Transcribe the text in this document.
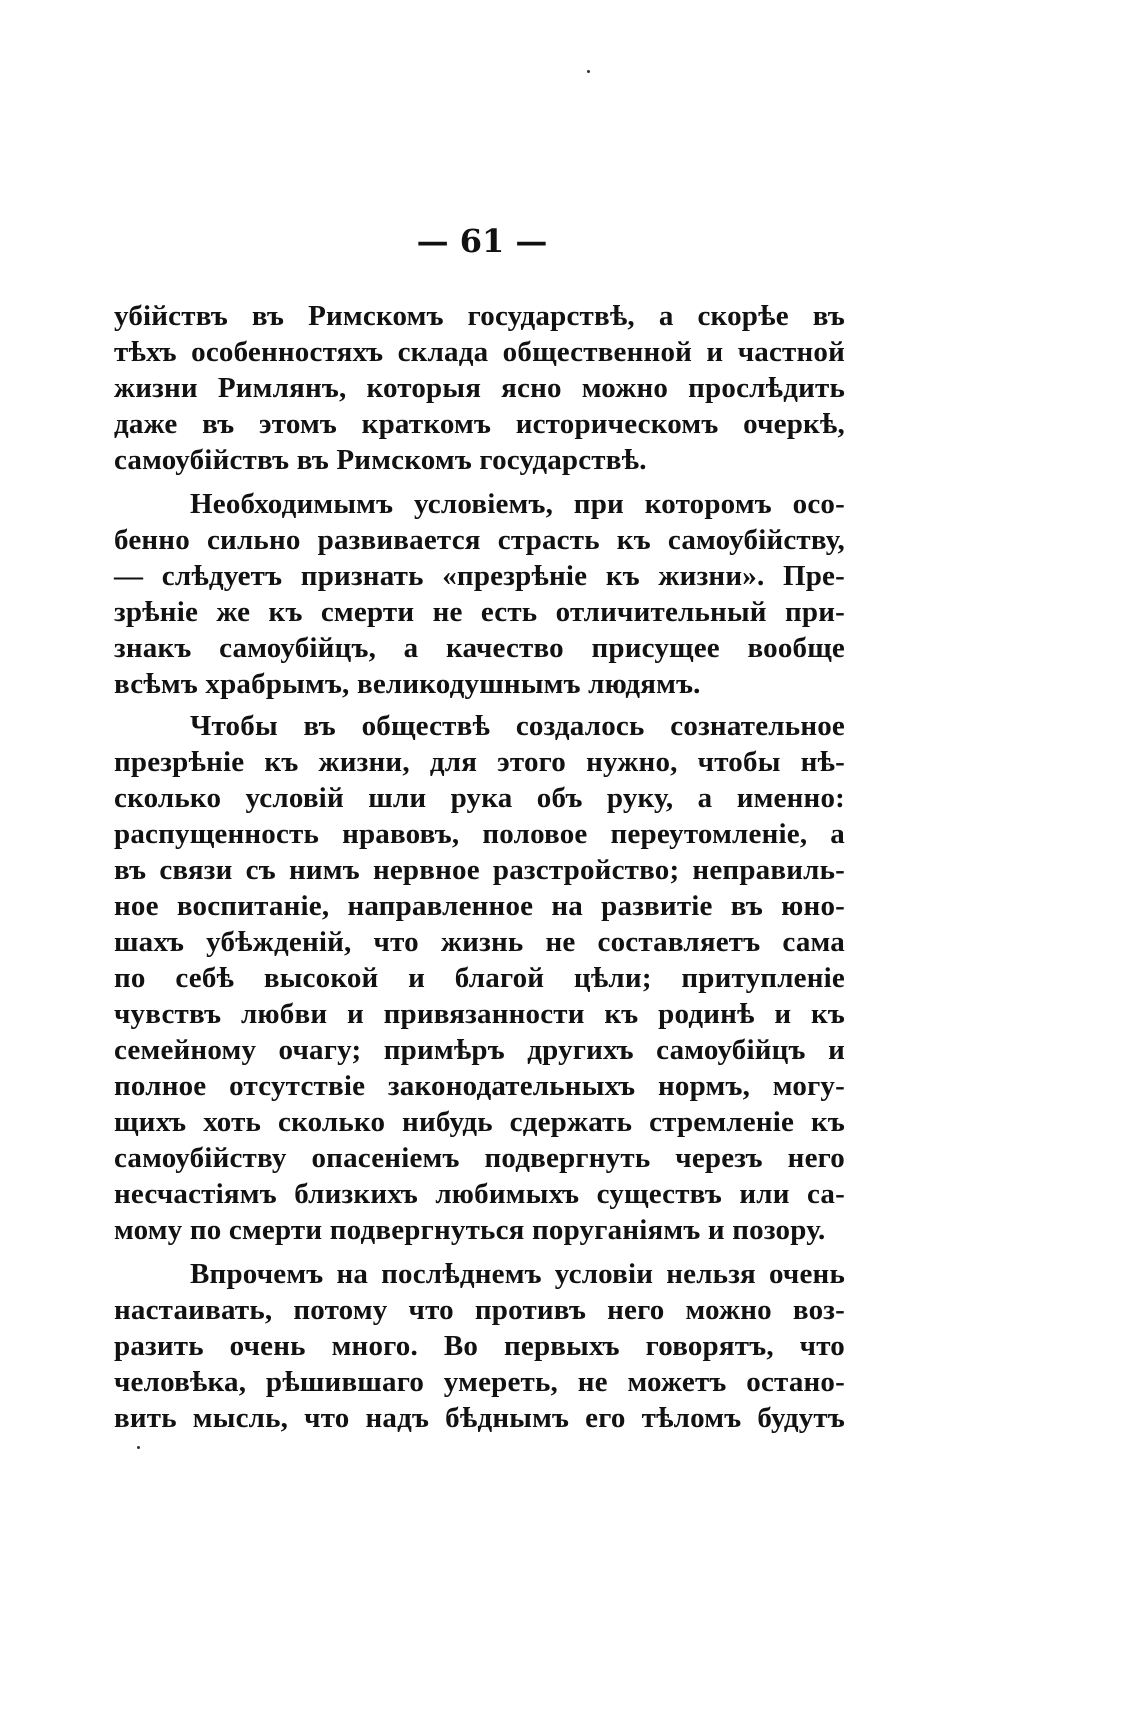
— 61 —
убійствъ въ Римскомъ государствѣ, а скорѣе въ
тѣхъ особенностяхъ склада общественной и частной
жизни Римлянъ, которыя ясно можно прослѣдить
даже въ этомъ краткомъ историческомъ очеркѣ,
самоубійствъ въ Римскомъ государствѣ.
Необходимымъ условіемъ, при которомъ осо-
бенно сильно развивается страсть къ самоубійству,
— слѣдуетъ признать «презрѣніе къ жизни». Пре-
зрѣніе же къ смерти не есть отличительный при-
знакъ самоубійцъ, а качество присущее вообще
всѣмъ храбрымъ, великодушнымъ людямъ.
Чтобы въ обществѣ создалось сознательное
презрѣніе къ жизни, для этого нужно, чтобы нѣ-
сколько условій шли рука объ руку, а именно:
распущенность нравовъ, половое переутомленіе, а
въ связи съ нимъ нервное разстройство; неправиль-
ное воспитаніе, направленное на развитіе въ юно-
шахъ убѣжденій, что жизнь не составляетъ сама
по себѣ высокой и благой цѣли; притупленіе
чувствъ любви и привязанности къ родинѣ и къ
семейному очагу; примѣръ другихъ самоубійцъ и
полное отсутствіе законодательныхъ нормъ, могу-
щихъ хоть сколько нибудь сдержать стремленіе къ
самоубійству опасеніемъ подвергнуть черезъ него
несчастіямъ близкихъ любимыхъ существъ или са-
мому по смерти подвергнуться поруганіямъ и позору.
Впрочемъ на послѣднемъ условіи нельзя очень
настаивать, потому что противъ него можно воз-
разить очень много. Во первыхъ говорятъ, что
человѣка, рѣшившаго умереть, не можетъ остано-
вить мысль, что надъ бѣднымъ его тѣломъ будутъ
